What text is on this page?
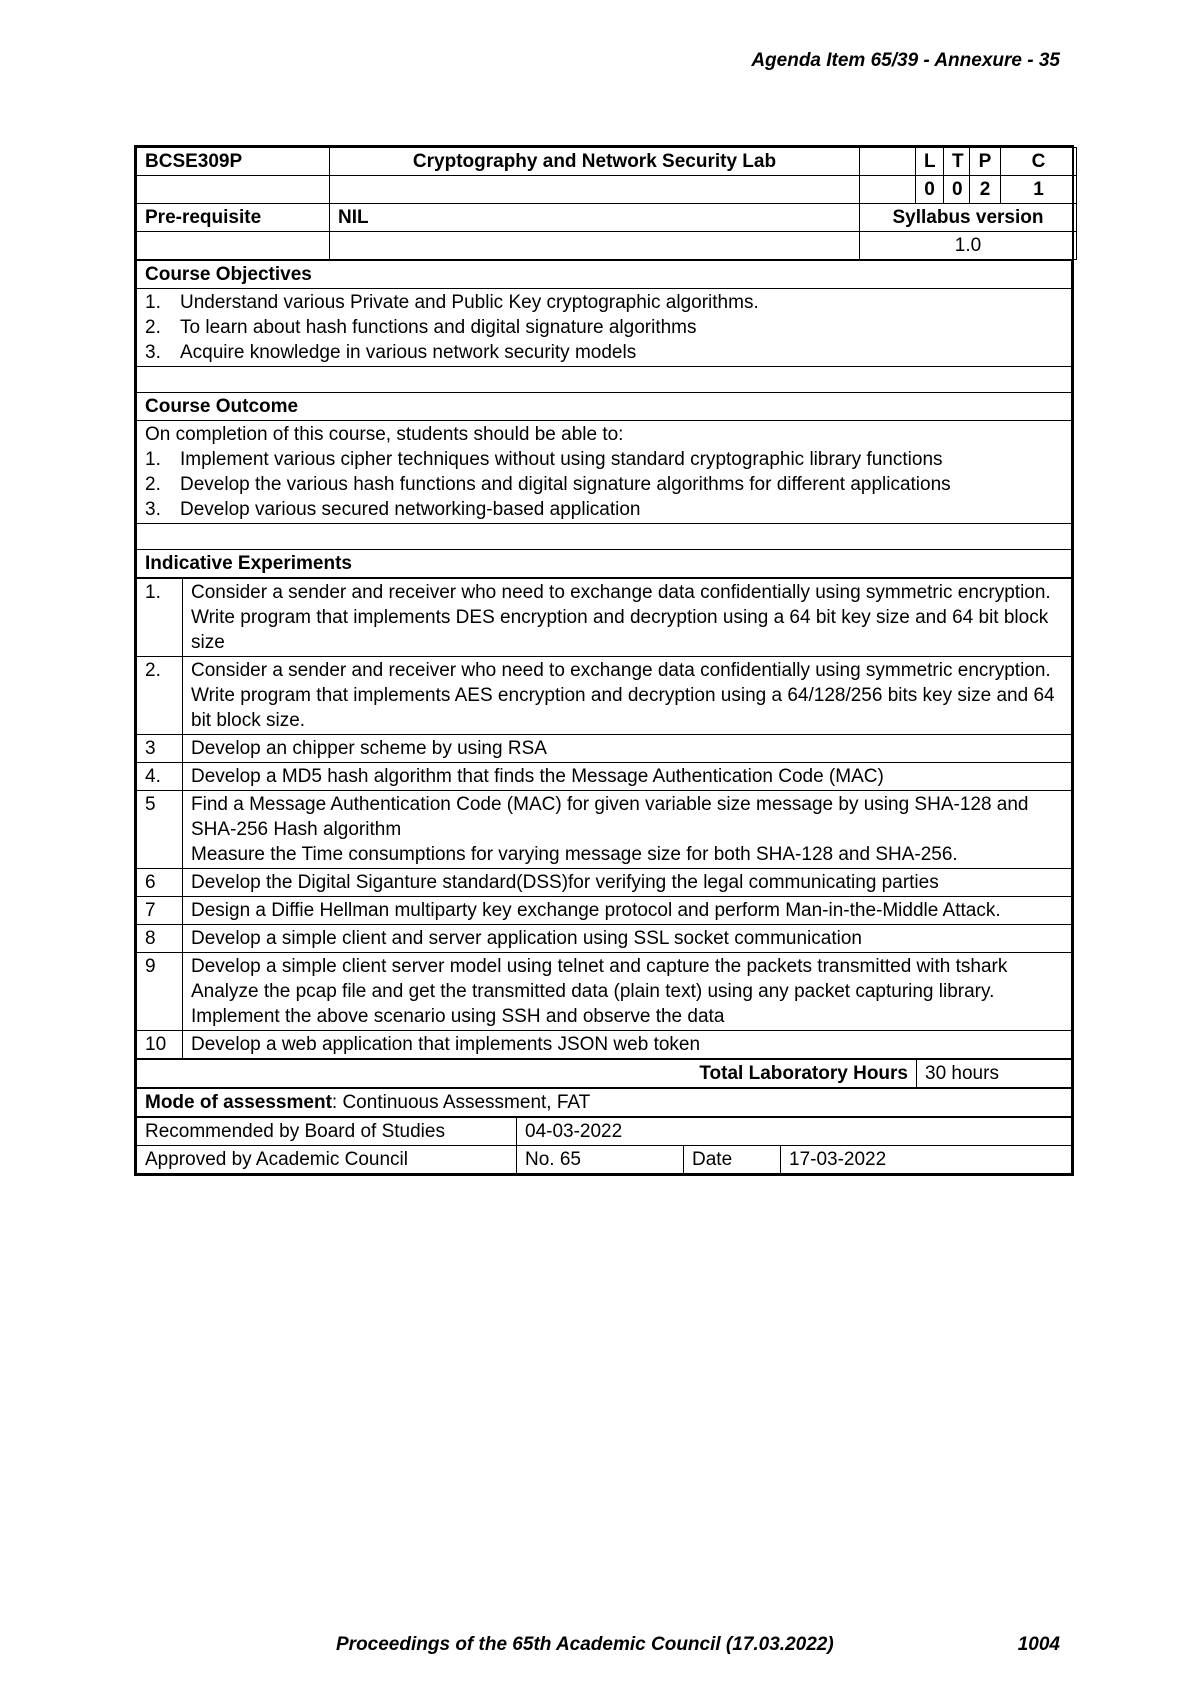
Agenda Item 65/39 - Annexure - 35
BCSE309P	Cryptography and Network Security Lab		L	T	P	C
			0	0	2	1
Pre-requisite	NIL	Syllabus version				
		1.0				
Course Objectives

1. Understand various Private and Public Key cryptographic algorithms.
2. To learn about hash functions and digital signature algorithms
3. Acquire knowledge in various network security models

Course Outcome

On completion of this course, students should be able to:
1. Implement various cipher techniques without using standard cryptographic library functions
2. Develop the various hash functions and digital signature algorithms for different applications
3. Develop various secured networking-based application

Indicative Experiments
1.	Consider a sender and receiver who need to exchange data confidentially using symmetric encryption. Write program that implements DES encryption and decryption using a 64 bit key size and 64 bit block size

2.	Consider a sender and receiver who need to exchange data confidentially using symmetric encryption. Write program that implements AES encryption and decryption using a 64/128/256 bits key size and 64 bit block size.

3	Develop an chipper scheme by using RSA

4.	Develop a MD5 hash algorithm that finds the Message Authentication Code (MAC)

5	Find a Message Authentication Code (MAC) for given variable size message by using SHA-128 and SHA-256 Hash algorithm
Measure the Time consumptions for varying message size for both SHA-128 and SHA-256.

6	Develop the Digital Siganture standard(DSS)for verifying the legal communicating parties

7	Design a Diffie Hellman multiparty key exchange protocol and perform Man-in-the-Middle Attack.

8	Develop a simple client and server application using SSL socket communication

9	Develop a simple client server model using telnet and capture the packets transmitted with tshark Analyze the pcap file and get the transmitted data (plain text) using any packet capturing library.
Implement the above scenario using SSH and observe the data

10	Develop a web application that implements JSON web token
Total Laboratory Hours	30 hours
Mode of assessment: Continuous Assessment, FAT
Recommended by Board of Studies	04-03-2022		
Approved by Academic Council	No. 65	Date	17-03-2022
Proceedings of the 65th Academic Council (17.03.2022)	1004
